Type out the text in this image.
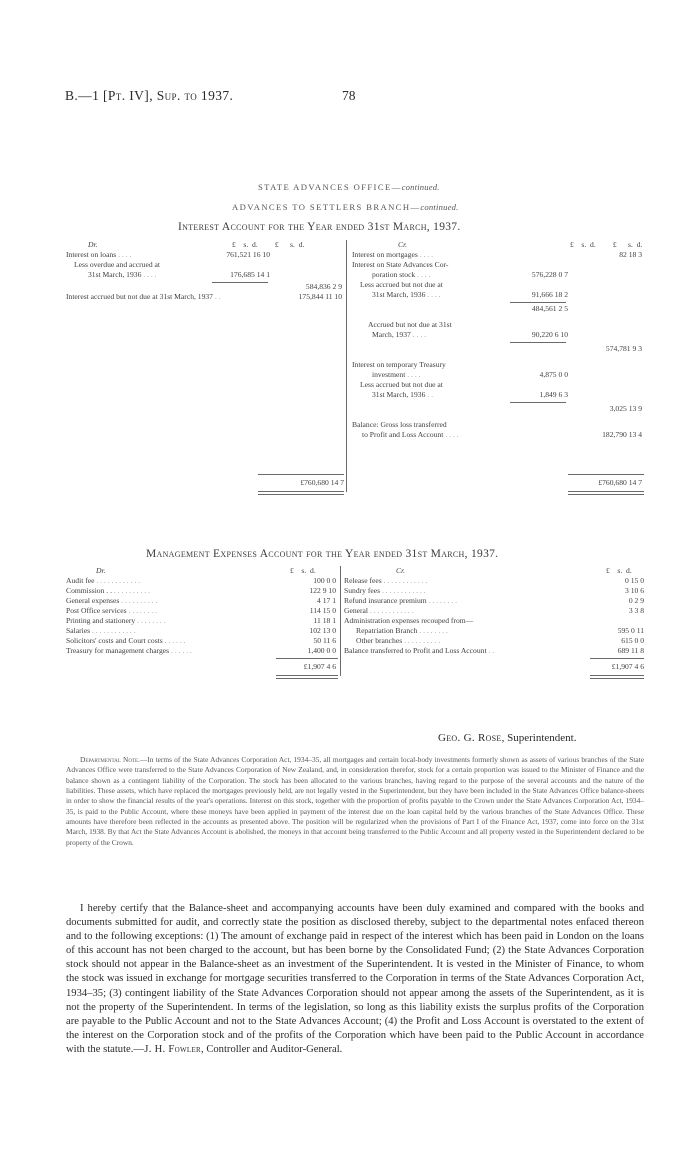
B.—1 [Pt. IV], Sup. to 1937.	78
STATE ADVANCES OFFICE—continued.
ADVANCES TO SETTLERS BRANCH—continued.
Interest Account for the Year ended 31st March, 1937.
Dr.	£ s. d. £ s. d.
Interest on loans . . . .	761,521 16 10
Less overdue and accrued at
31st March, 1936 . . . .	176,685 14 1
584,836 2 9
Interest accrued but not due at 31st March, 1937 . .	175,844 11 10
£760,680 14 7
Cr.	£ s. d. £ s. d.
Interest on mortgages . . . .	82 18 3
Interest on State Advances Cor-
poration stock . . . .	576,228 0 7
Less accrued but not due at
31st March, 1936 . . . .	91,666 18 2
484,561 2 5
Accrued but not due at 31st
March, 1937 . . . .	90,220 6 10
574,781 9 3
Interest on temporary Treasury
investment . . . .	4,875 0 0
Less accrued but not due at
31st March, 1936 . .	1,849 6 3
3,025 13 9
Balance: Gross loss transferred
to Profit and Loss Account . . . .	182,790 13 4
£760,680 14 7
Management Expenses Account for the Year ended 31st March, 1937.
Dr.	£ s. d.
Audit fee . . . . . . . . . . . .	100 0 0
Commission . . . . . . . . . . . .	122 9 10
General expenses . . . . . . . . . .	4 17 1
Post Office services . . . . . . . .	114 15 0
Printing and stationery . . . . . . . .	11 18 1
Salaries . . . . . . . . . . . .	102 13 0
Solicitors' costs and Court costs . . . . . .	50 11 6
Treasury for management charges . . . . . .	1,400 0 0
£1,907 4 6
Cr.	£ s. d.
Release fees . . . . . . . . . . . .	0 15 0
Sundry fees . . . . . . . . . . . .	3 10 6
Refund insurance premium . . . . . . . .	0 2 9
General . . . . . . . . . . . .	3 3 8
Administration expenses recouped from—
Repatriation Branch . . . . . . . .	595 0 11
Other branches . . . . . . . . . .	615 0 0
Balance transferred to Profit and Loss Account . .	689 11 8
£1,907 4 6
Geo. G. Rose, Superintendent.
Departmental Note.—In terms of the State Advances Corporation Act, 1934–35, all mortgages and certain local-body investments formerly shown as assets of various branches of the State Advances Office were transferred to the State Advances Corporation of New Zealand, and, in consideration therefor, stock for a certain proportion was issued to the Minister of Finance and the balance shown as a contingent liability of the Corporation. The stock has been allocated to the various branches, having regard to the purpose of the several accounts and the nature of the liabilities. These assets, which have replaced the mortgages previously held, are not legally vested in the Superintendent, but they have been included in the State Advances Office balance-sheets in order to show the financial results of the year's operations. Interest on this stock, together with the proportion of profits payable to the Crown under the State Advances Corporation Act, 1934–35, is paid to the Public Account, where these moneys have been applied in payment of the interest due on the loan capital held by the various branches of the State Advances Office. These amounts have therefore been reflected in the accounts as presented above. The position will be regularized when the provisions of Part I of the Finance Act, 1937, come into force on the 31st March, 1938. By that Act the State Advances Account is abolished, the moneys in that account being transferred to the Public Account and all property vested in the Superintendent declared to be property of the Crown.
I hereby certify that the Balance-sheet and accompanying accounts have been duly examined and compared with the books and documents submitted for audit, and correctly state the position as disclosed thereby, subject to the departmental notes enfaced thereon and to the following exceptions: (1) The amount of exchange paid in respect of the interest which has been paid in London on the loans of this account has not been charged to the account, but has been borne by the Consolidated Fund; (2) the State Advances Corporation stock should not appear in the Balance-sheet as an investment of the Superintendent. It is vested in the Minister of Finance, to whom the stock was issued in exchange for mortgage securities transferred to the Corporation in terms of the State Advances Corporation Act, 1934–35; (3) contingent liability of the State Advances Corporation should not appear among the assets of the Superintendent, as it is not the property of the Superintendent. In terms of the legislation, so long as this liability exists the surplus profits of the Corporation are payable to the Public Account and not to the State Advances Account; (4) the Profit and Loss Account is overstated to the extent of the interest on the Corporation stock and of the profits of the Corporation which have been paid to the Public Account in accordance with the statute.—J. H. Fowler, Controller and Auditor-General.
